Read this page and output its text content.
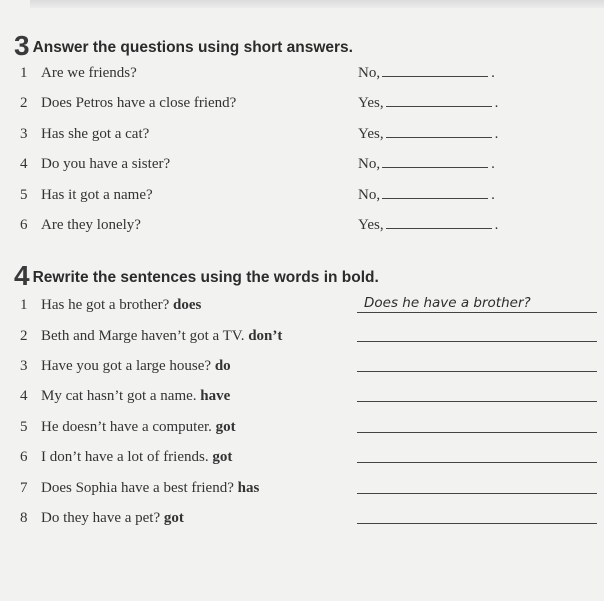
3 Answer the questions using short answers.
1 Are we friends?	No,	.
2 Does Petros have a close friend?	Yes,	.
3 Has she got a cat?	Yes,	.
4 Do you have a sister?	No,	.
5 Has it got a name?	No,	.
6 Are they lonely?	Yes,	.
4 Rewrite the sentences using the words in bold.
1 Has he got a brother? does	Does he have a brother?
2 Beth and Marge haven’t got a TV. don’t
3 Have you got a large house? do
4 My cat hasn’t got a name. have
5 He doesn’t have a computer. got
6 I don’t have a lot of friends. got
7 Does Sophia have a best friend? has
8 Do they have a pet? got
